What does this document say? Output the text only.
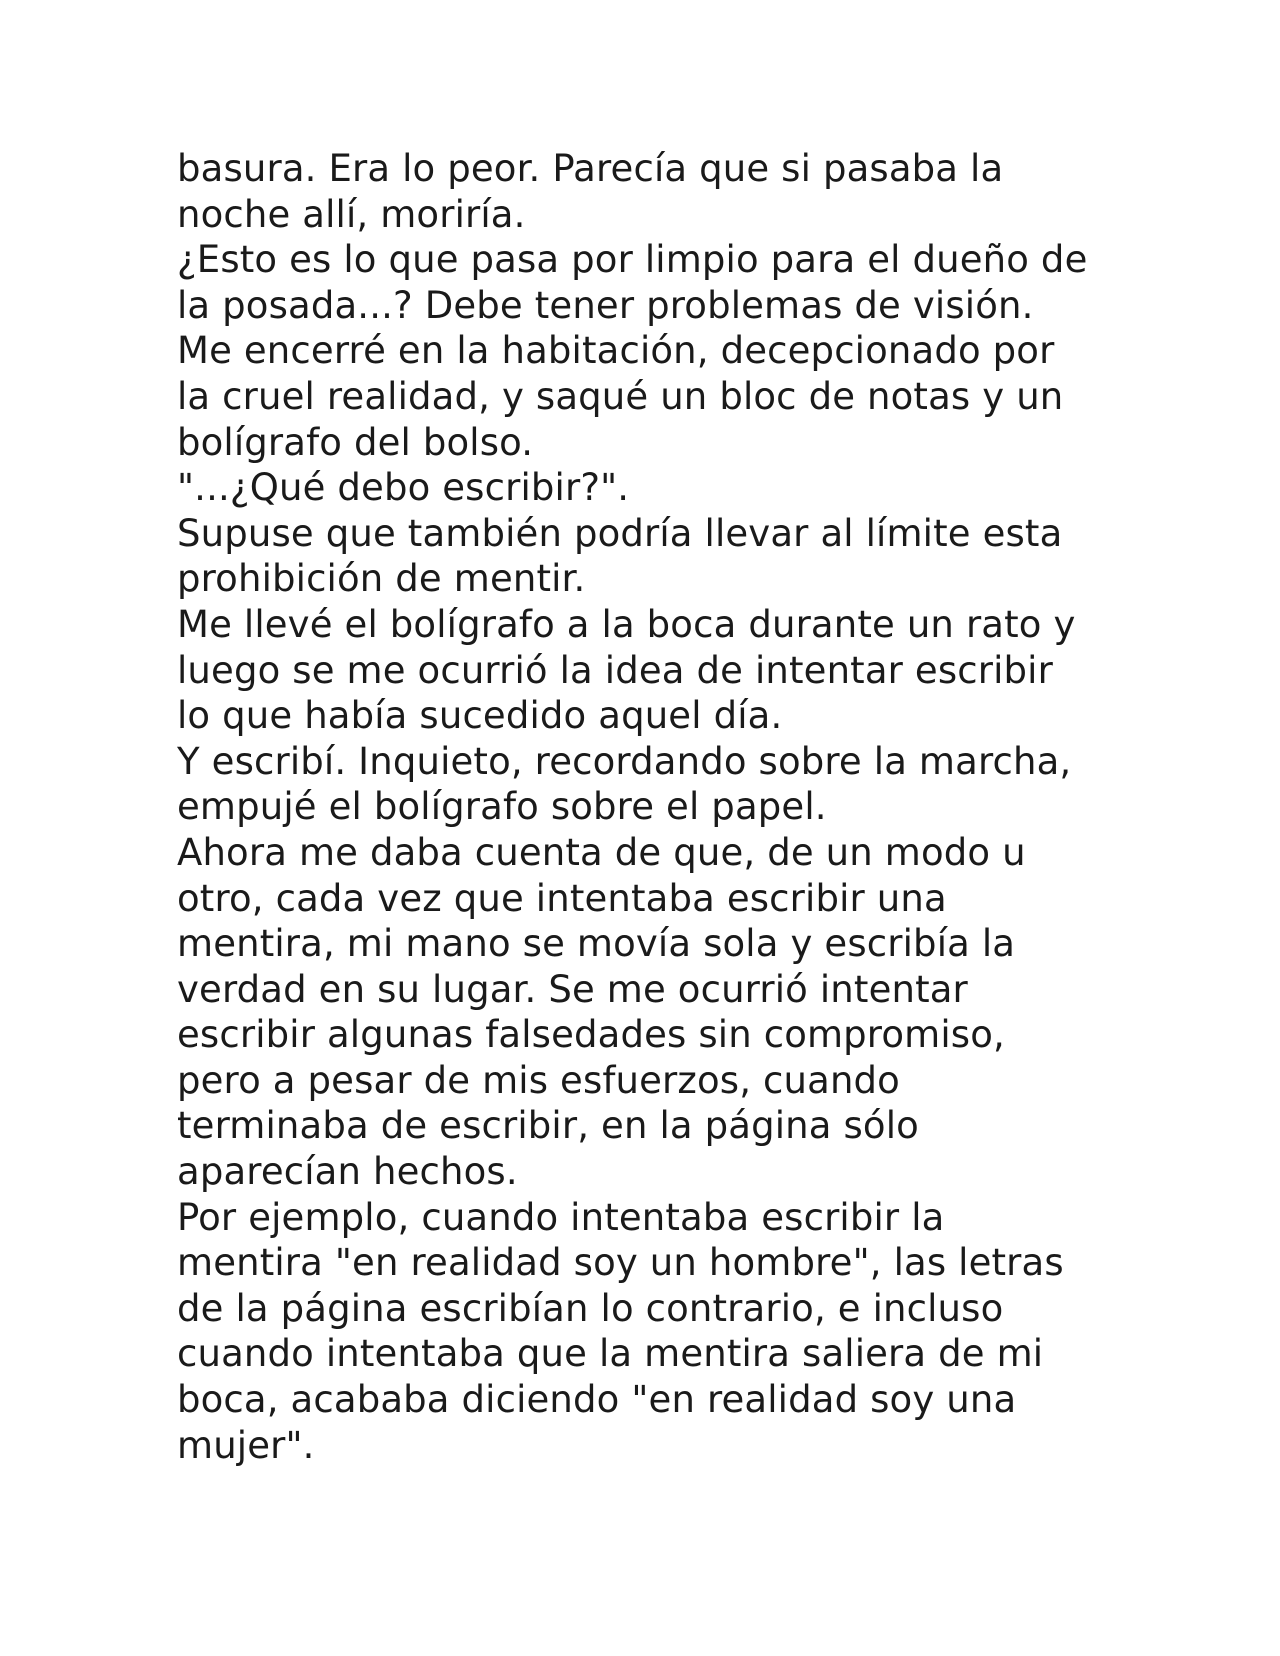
basura. Era lo peor. Parecía que si pasaba la
noche allí, moriría.

¿Esto es lo que pasa por limpio para el dueño de
la posada...? Debe tener problemas de visión.

Me encerré en la habitación, decepcionado por
la cruel realidad, y saqué un bloc de notas y un
bolígrafo del bolso.

"...¿Qué debo escribir?".

Supuse que también podría llevar al límite esta
prohibición de mentir.

Me llevé el bolígrafo a la boca durante un rato y
luego se me ocurrió la idea de intentar escribir
lo que había sucedido aquel día.

Y escribí. Inquieto, recordando sobre la marcha,
empujé el bolígrafo sobre el papel.

Ahora me daba cuenta de que, de un modo u
otro, cada vez que intentaba escribir una
mentira, mi mano se movía sola y escribía la
verdad en su lugar. Se me ocurrió intentar
escribir algunas falsedades sin compromiso,
pero a pesar de mis esfuerzos, cuando
terminaba de escribir, en la página sólo
aparecían hechos.

Por ejemplo, cuando intentaba escribir la
mentira "en realidad soy un hombre", las letras
de la página escribían lo contrario, e incluso
cuando intentaba que la mentira saliera de mi
boca, acababa diciendo "en realidad soy una
mujer".
